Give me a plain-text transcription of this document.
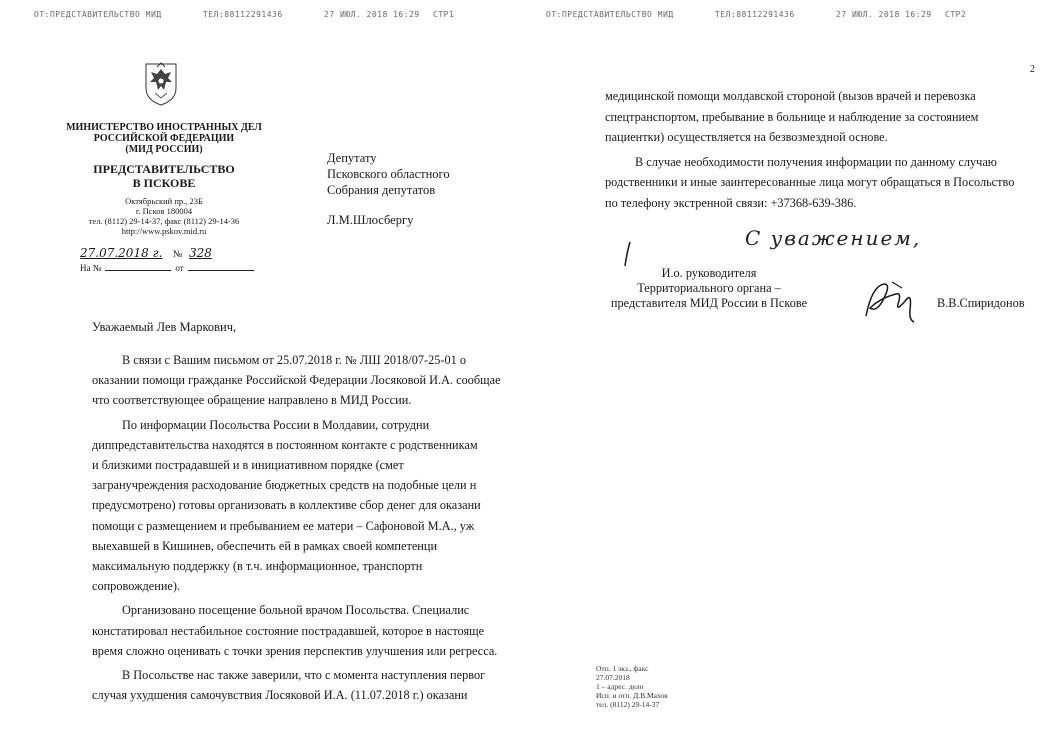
ОТ:ПРЕДСТАВИТЕЛЬСТВО МИД	ТЕЛ:88112291436	27 ИЮЛ. 2018 16:29 СТР1
МИНИСТЕРСТВО ИНОСТРАННЫХ ДЕЛ
РОССИЙСКОЙ ФЕДЕРАЦИИ
(МИД РОССИИ)
ПРЕДСТАВИТЕЛЬСТВО
В ПСКОВЕ
Октябрьский пр., 23Б
г. Псков 180004
тел. (8112) 29-14-37, факс (8112) 29-14-36
http://www.pskov.mid.ru
27.07.2018 г. № 328
На №	от
Депутату
Псковского областного
Собрания депутатов
Л.М.Шлосбергу
Уважаемый Лев Маркович,
В связи с Вашим письмом от 25.07.2018 г. № ЛШ 2018/07-25-01 о
оказании помощи гражданке Российской Федерации Лосяковой И.А. сообщае
что соответствующее обращение направлено в МИД России.
По информации Посольства России в Молдавии, сотрудни
диппредставительства находятся в постоянном контакте с родственникам
и близкими пострадавшей и в инициативном порядке (смет
загранучреждения расходование бюджетных средств на подобные цели н
предусмотрено) готовы организовать в коллективе сбор денег для оказани
помощи с размещением и пребыванием ее матери – Сафоновой М.А., уж
выехавшей в Кишинев, обеспечить ей в рамках своей компетенци
максимальную поддержку (в т.ч. информационное, транспортн
сопровождение).
Организовано посещение больной врачом Посольства. Специалис
констатировал нестабильное состояние пострадавшей, которое в настояще
время сложно оценивать с точки зрения перспектив улучшения или регресса.
В Посольстве нас также заверили, что с момента наступления первог
случая ухудшения самочувствия Лосяковой И.А. (11.07.2018 г.) оказани
ОТ:ПРЕДСТАВИТЕЛЬСТВО МИД	ТЕЛ:88112291436	27 ИЮЛ. 2018 16:29 СТР2
2
медицинской помощи молдавской стороной (вызов врачей и перевозка
спецтранспортом, пребывание в больнице и наблюдение за состоянием
пациентки) осуществляется на безвозмездной основе.
В случае необходимости получения информации по данному случаю
родственники и иные заинтересованные лица могут обращаться в Посольство
по телефону экстренной связи: +37368-639-386.
С уважением,
И.о. руководителя
Территориального органа –
представителя МИД России в Пскове	В.В.Спиридонов
Отп. 1 экз., факс
27.07.2018
1 – адрес. дело
Исп. и отп. Д.В.Махов
тел. (8112) 29-14-37
